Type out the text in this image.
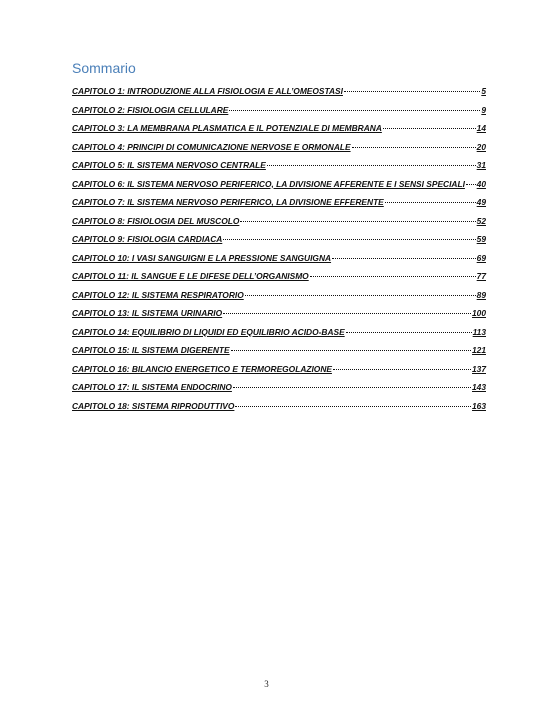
Sommario
CAPITOLO 1: INTRODUZIONE ALLA FISIOLOGIA E ALL’OMEOSTASI	5
CAPITOLO 2: FISIOLOGIA CELLULARE	9
CAPITOLO 3: LA MEMBRANA PLASMATICA E IL POTENZIALE DI MEMBRANA	14
CAPITOLO 4: PRINCIPI DI COMUNICAZIONE NERVOSE E ORMONALE	20
CAPITOLO 5: IL SISTEMA NERVOSO CENTRALE	31
CAPITOLO 6: IL SISTEMA NERVOSO PERIFERICO, LA DIVISIONE AFFERENTE E I SENSI SPECIALI 40
CAPITOLO 7: IL SISTEMA NERVOSO PERIFERICO, LA DIVISIONE EFFERENTE	49
CAPITOLO 8: FISIOLOGIA DEL MUSCOLO	52
CAPITOLO 9: FISIOLOGIA CARDIACA	59
CAPITOLO 10: I VASI SANGUIGNI E LA PRESSIONE SANGUIGNA	69
CAPITOLO 11: IL SANGUE E LE DIFESE DELL’ORGANISMO	77
CAPITOLO 12: IL SISTEMA RESPIRATORIO	89
CAPITOLO 13: IL SISTEMA URINARIO	100
CAPITOLO 14: EQUILIBRIO DI LIQUIDI ED EQUILIBRIO ACIDO-BASE	113
CAPITOLO 15: IL SISTEMA DIGERENTE	121
CAPITOLO 16: BILANCIO ENERGETICO E TERMOREGOLAZIONE	137
CAPITOLO 17: IL SISTEMA ENDOCRINO	143
CAPITOLO 18: SISTEMA RIPRODUTTIVO	163
3
